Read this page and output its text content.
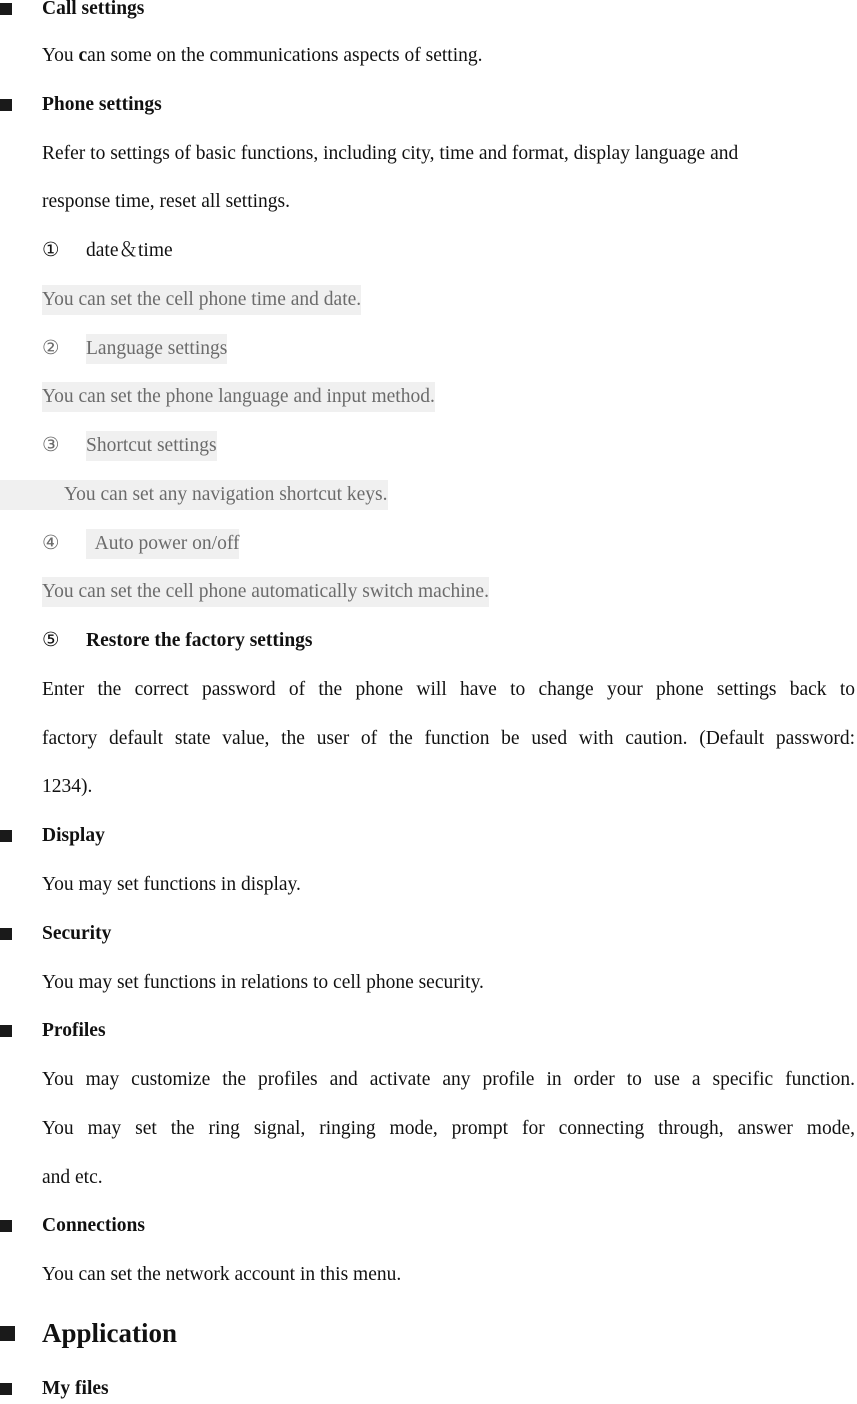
Call settings
You can some on the communications aspects of setting.
Phone settings
Refer to settings of basic functions, including city, time and format, display language and
response time, reset all settings.
① date＆time
You can set the cell phone time and date.
② Language settings
You can set the phone language and input method.
③ Shortcut settings
You can set any navigation shortcut keys.
④ Auto power on/off
You can set the cell phone automatically switch machine.
⑤ Restore the factory settings
Enter the correct password of the phone will have to change your phone settings back to
factory default state value, the user of the function be used with caution. (Default password:
1234).
Display
You may set functions in display.
Security
You may set functions in relations to cell phone security.
Profiles
You may customize the profiles and activate any profile in order to use a specific function.
You may set the ring signal, ringing mode, prompt for connecting through, answer mode,
and etc.
Connections
You can set the network account in this menu.
Application
My files
